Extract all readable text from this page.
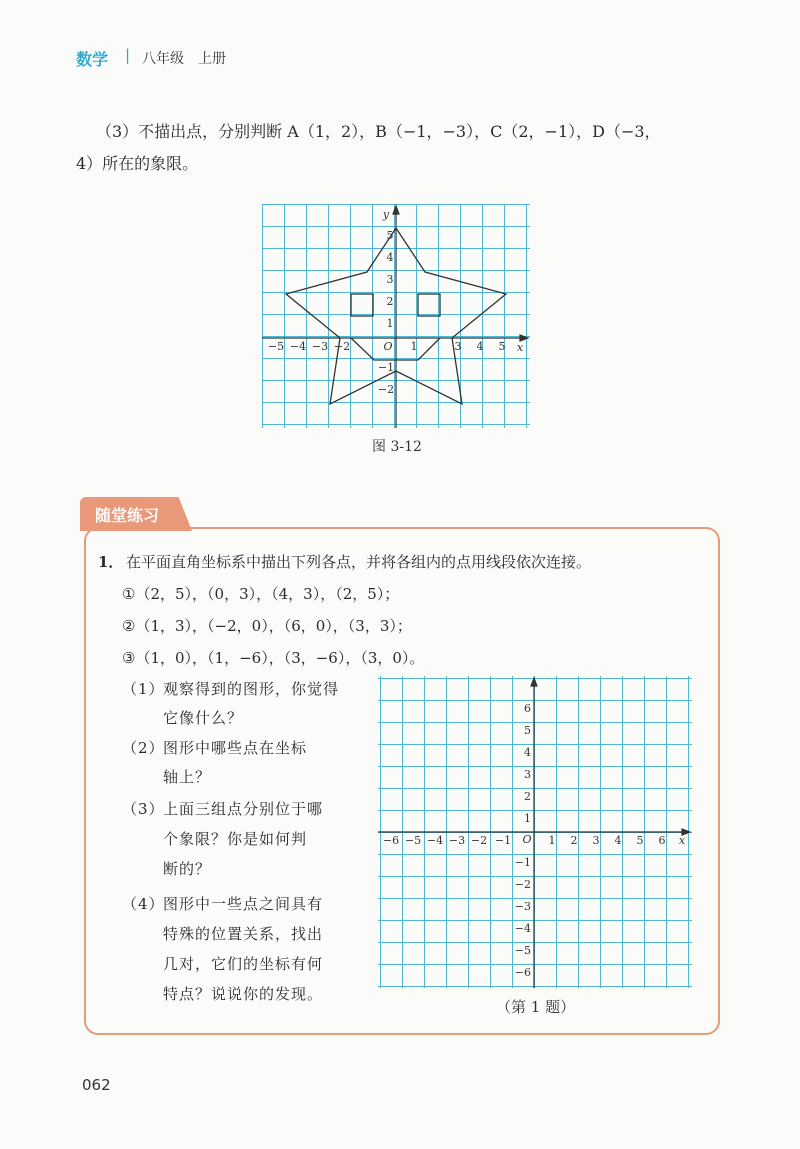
数学 | 八年级　上册
（3）不描出点，分别判断 A（1，2），B（−1，−3），C（2，−1），D（−3，
4）所在的象限。
−5 −4 −3 −2	1	3 4 5
5
4
3
2
1
−1
−2
x
y
O
图 3-12
随堂练习
1． 在平面直角坐标系中描出下列各点，并将各组内的点用线段依次连接。
①（2，5），（0，3），（4，3），（2，5）；
②（1，3），（−2，0），（6，0），（3，3）；
③（1，0），（1，−6），（3，−6），（3，0）。
（1）
观察得到的图形，你觉得
它像什么？
（2）
图形中哪些点在坐标
轴上？
（3）
上面三组点分别位于哪
个象限？你是如何判
断的？
（4）
图形中一些点之间具有
特殊的位置关系，找出
几对，它们的坐标有何
特点？说说你的发现。
−6 −5 −4 −3 −2 −1	1 2 3 4 5 6 x
O
6
5
4
3
2
1
−1
−2
−3
−4
−5
−6
（第 1 题）
062
